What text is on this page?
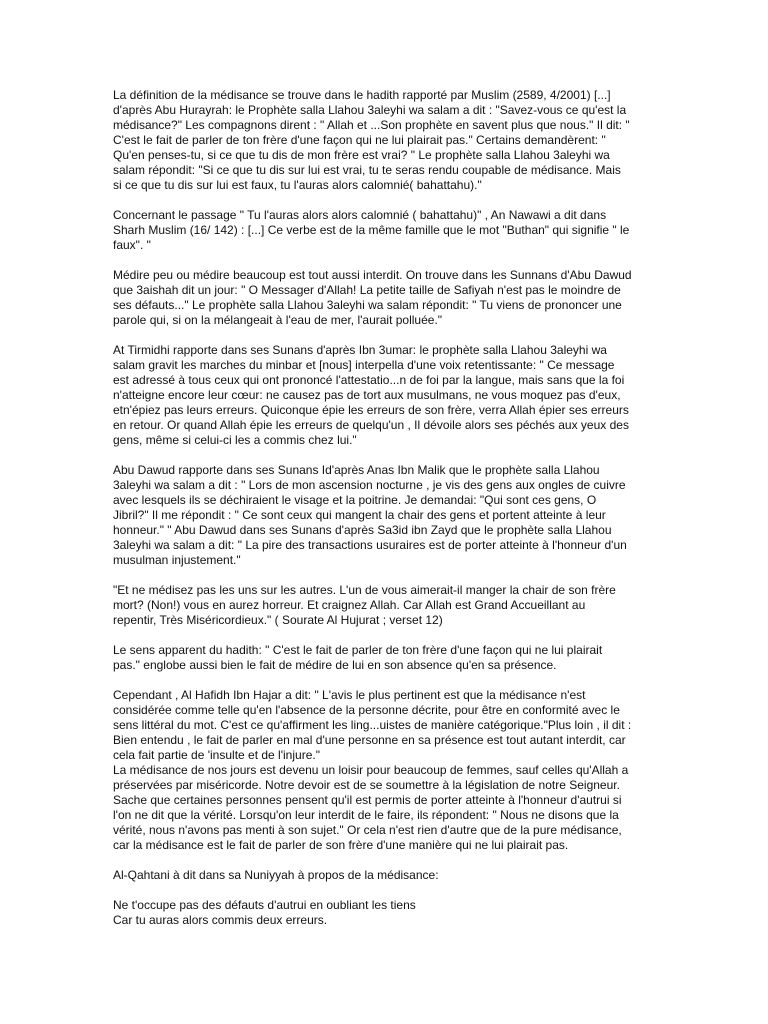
La définition de la médisance se trouve dans le hadith rapporté par Muslim (2589, 4/2001) [...]
d'après Abu Hurayrah: le Prophète salla Llahou 3aleyhi wa salam a dit : "Savez-vous ce qu'est la
médisance?" Les compagnons dirent : " Allah et ...Son prophète en savent plus que nous." Il dit: "
C'est le fait de parler de ton frère d'une façon qui ne lui plairait pas." Certains demandèrent: "
Qu'en penses-tu, si ce que tu dis de mon frère est vrai? " Le prophète salla Llahou 3aleyhi wa
salam répondit: "Si ce que tu dis sur lui est vrai, tu te seras rendu coupable de médisance. Mais
si ce que tu dis sur lui est faux, tu l'auras alors calomnié( bahattahu)."

Concernant le passage " Tu l'auras alors alors calomnié ( bahattahu)" , An Nawawi a dit dans
Sharh Muslim (16/ 142) : [...] Ce verbe est de la même famille que le mot "Buthan" qui signifie " le
faux". "

Médire peu ou médire beaucoup est tout aussi interdit. On trouve dans les Sunnans d'Abu Dawud
que 3aishah dit un jour: " O Messager d'Allah! La petite taille de Safiyah n'est pas le moindre de
ses défauts..." Le prophète salla Llahou 3aleyhi wa salam répondit: " Tu viens de prononcer une
parole qui, si on la mélangeait à l'eau de mer, l'aurait polluée."

At Tirmidhi rapporte dans ses Sunans d'après Ibn 3umar: le prophète salla Llahou 3aleyhi wa
salam gravit les marches du minbar et [nous] interpella d'une voix retentissante: " Ce message
est adressé à tous ceux qui ont prononcé l'attestatio...n de foi par la langue, mais sans que la foi
n'atteigne encore leur cœur: ne causez pas de tort aux musulmans, ne vous moquez pas d'eux,
etn'épiez pas leurs erreurs. Quiconque épie les erreurs de son frère, verra Allah épier ses erreurs
en retour. Or quand Allah épie les erreurs de quelqu'un , Il dévoile alors ses péchés aux yeux des
gens, même si celui-ci les a commis chez lui."

Abu Dawud rapporte dans ses Sunans Id'après Anas Ibn Malik que le prophète salla Llahou
3aleyhi wa salam a dit : " Lors de mon ascension nocturne , je vis des gens aux ongles de cuivre
avec lesquels ils se déchiraient le visage et la poitrine. Je demandai: "Qui sont ces gens, O
Jibril?" Il me répondit : " Ce sont ceux qui mangent la chair des gens et portent atteinte à leur
honneur." " Abu Dawud dans ses Sunans d'après Sa3id ibn Zayd que le prophète salla Llahou
3aleyhi wa salam a dit: " La pire des transactions usuraires est de porter atteinte à l'honneur d'un
musulman injustement."

"Et ne médisez pas les uns sur les autres. L'un de vous aimerait-il manger la chair de son frère
mort? (Non!) vous en aurez horreur. Et craignez Allah. Car Allah est Grand Accueillant au
repentir, Très Miséricordieux." ( Sourate Al Hujurat ; verset 12)

Le sens apparent du hadith: " C'est le fait de parler de ton frère d'une façon qui ne lui plairait
pas." englobe aussi bien le fait de médire de lui en son absence qu'en sa présence.

Cependant , Al Hafidh Ibn Hajar a dit: " L'avis le plus pertinent est que la médisance n'est
considérée comme telle qu'en l'absence de la personne décrite, pour être en conformité avec le
sens littéral du mot. C'est ce qu'affirment les ling...uistes de manière catégorique."Plus loin , il dit :
Bien entendu , le fait de parler en mal d'une personne en sa présence est tout autant interdit, car
cela fait partie de 'insulte et de l'injure."
La médisance de nos jours est devenu un loisir pour beaucoup de femmes, sauf celles qu'Allah a
préservées par miséricorde. Notre devoir est de se soumettre à la législation de notre Seigneur.
Sache que certaines personnes pensent qu'il est permis de porter atteinte à l'honneur d'autrui si
l'on ne dit que la vérité. Lorsqu'on leur interdit de le faire, ils répondent: " Nous ne disons que la
vérité, nous n'avons pas menti à son sujet." Or cela n'est rien d'autre que de la pure médisance,
car la médisance est le fait de parler de son frère d'une manière qui ne lui plairait pas.

Al-Qahtani à dit dans sa Nuniyyah à propos de la médisance:

Ne t'occupe pas des défauts d'autrui en oubliant les tiens
Car tu auras alors commis deux erreurs.
